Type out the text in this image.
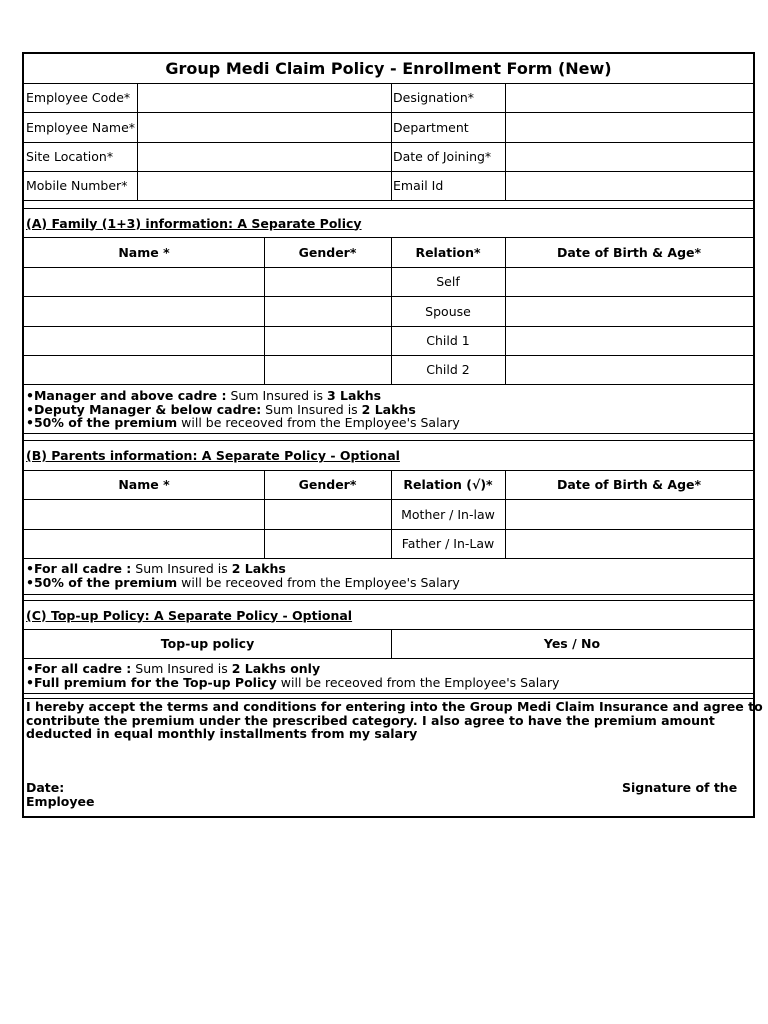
Group Medi Claim Policy - Enrollment Form (New)
Employee Code*	Designation*
Employee Name*	Department
Site Location*	Date of Joining*
Mobile Number*	Email Id
(A) Family (1+3) information: A Separate Policy
Name *	Gender*	Relation*	Date of Birth & Age*
Self
Spouse
Child 1
Child 2
•Manager and above cadre : Sum Insured is 3 Lakhs
•Deputy Manager & below cadre: Sum Insured is 2 Lakhs
•50% of the premium will be receoved from the Employee's Salary
(B) Parents information: A Separate Policy - Optional
Name *	Gender*	Relation (√)*	Date of Birth & Age*
Mother / In-law
Father / In-Law
•For all cadre : Sum Insured is 2 Lakhs
•50% of the premium will be receoved from the Employee's Salary
(C) Top-up Policy: A Separate Policy - Optional
Top-up policy	Yes / No
•For all cadre : Sum Insured is 2 Lakhs only
•Full premium for the Top-up Policy will be receoved from the Employee's Salary
I hereby accept the terms and conditions for entering into the Group Medi Claim Insurance and agree to
contribute the premium under the prescribed category. I also agree to have the premium amount
deducted in equal monthly installments from my salary
Date:	Signature of the
Employee
